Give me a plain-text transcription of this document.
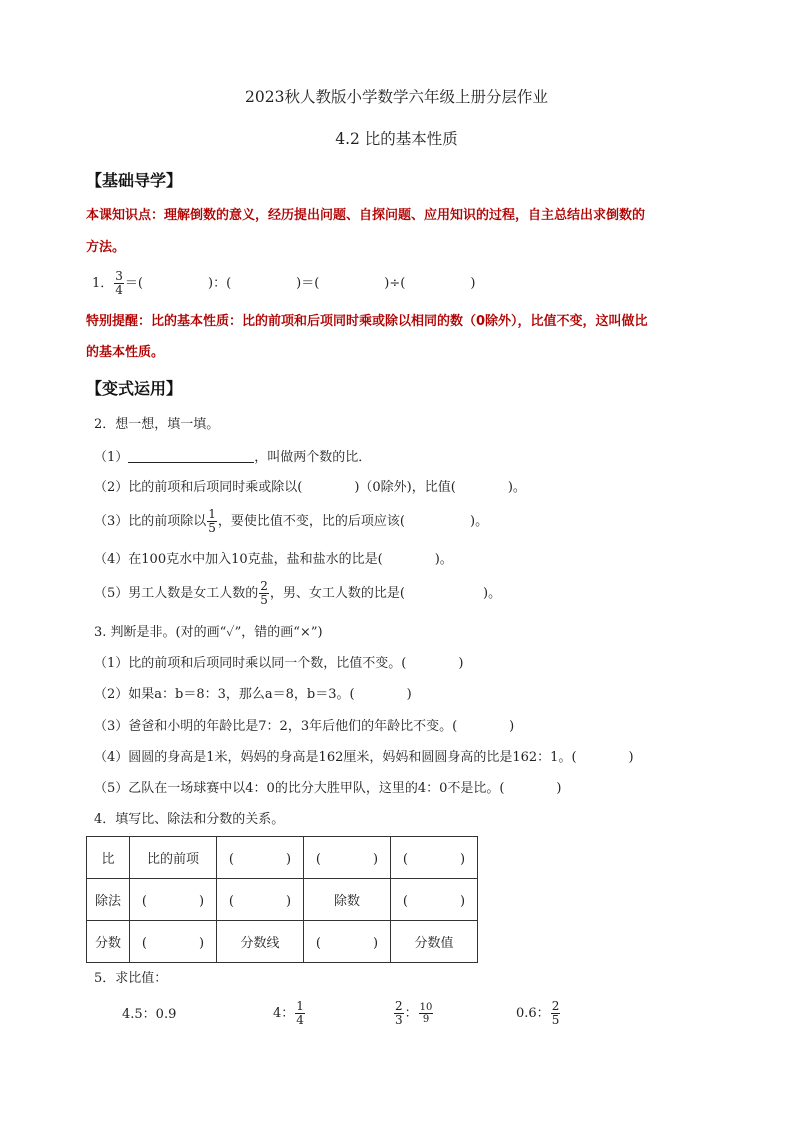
2023秋人教版小学数学六年级上册分层作业
4.2 比的基本性质
【基础导学】
本课知识点：理解倒数的意义，经历提出问题、自探问题、应用知识的过程，自主总结出求倒数的
方法。
1． $\frac{3}{4}$ ＝(　　　　　)：(　　　　　)＝(　　　　　)÷(　　　　　)
特别提醒：比的基本性质：比的前项和后项同时乘或除以相同的数（0除外），比值不变，这叫做比
的基本性质。
【变式运用】
2．想一想，填一填。
（1）	，叫做两个数的比．
（2）比的前项和后项同时乘或除以(　　　　)（0除外)，比值(　　　　)。
（3）比的前项除以 $\frac{1}{5}$ ，要使比值不变，比的后项应该(　　　　　)。
（4）在100克水中加入10克盐，盐和盐水的比是(　　　　)。
（5）男工人数是女工人数的 $\frac{2}{5}$ ，男、女工人数的比是(　　　　　　)。
3. 判断是非。(对的画“✓”，错的画“×”)
（1）比的前项和后项同时乘以同一个数，比值不变。(　　　　)
（2）如果a：b＝8：3，那么a＝8，b＝3。(　　　　)
（3）爸爸和小明的年龄比是7：2，3年后他们的年龄比不变。(　　　　)
（4）圆圆的身高是1米，妈妈的身高是162厘米，妈妈和圆圆身高的比是162：1。(　　　　)
（5）乙队在一场球赛中以4：0的比分大胜甲队，这里的4：0不是比。(　　　　)
4．填写比、除法和分数的关系。
比	比的前项	(　　　　)	(　　　　)	(　　　　)
除法	(　　　　)	(　　　　)	除数	(　　　　)
分数	(　　　　)	分数线	(　　　　)	分数值
5．求比值：
4.5：0.9	4： $\frac{1}{4}$	$\frac{2}{3}$ ： $\frac{10}{9}$	0.6： $\frac{2}{5}$
